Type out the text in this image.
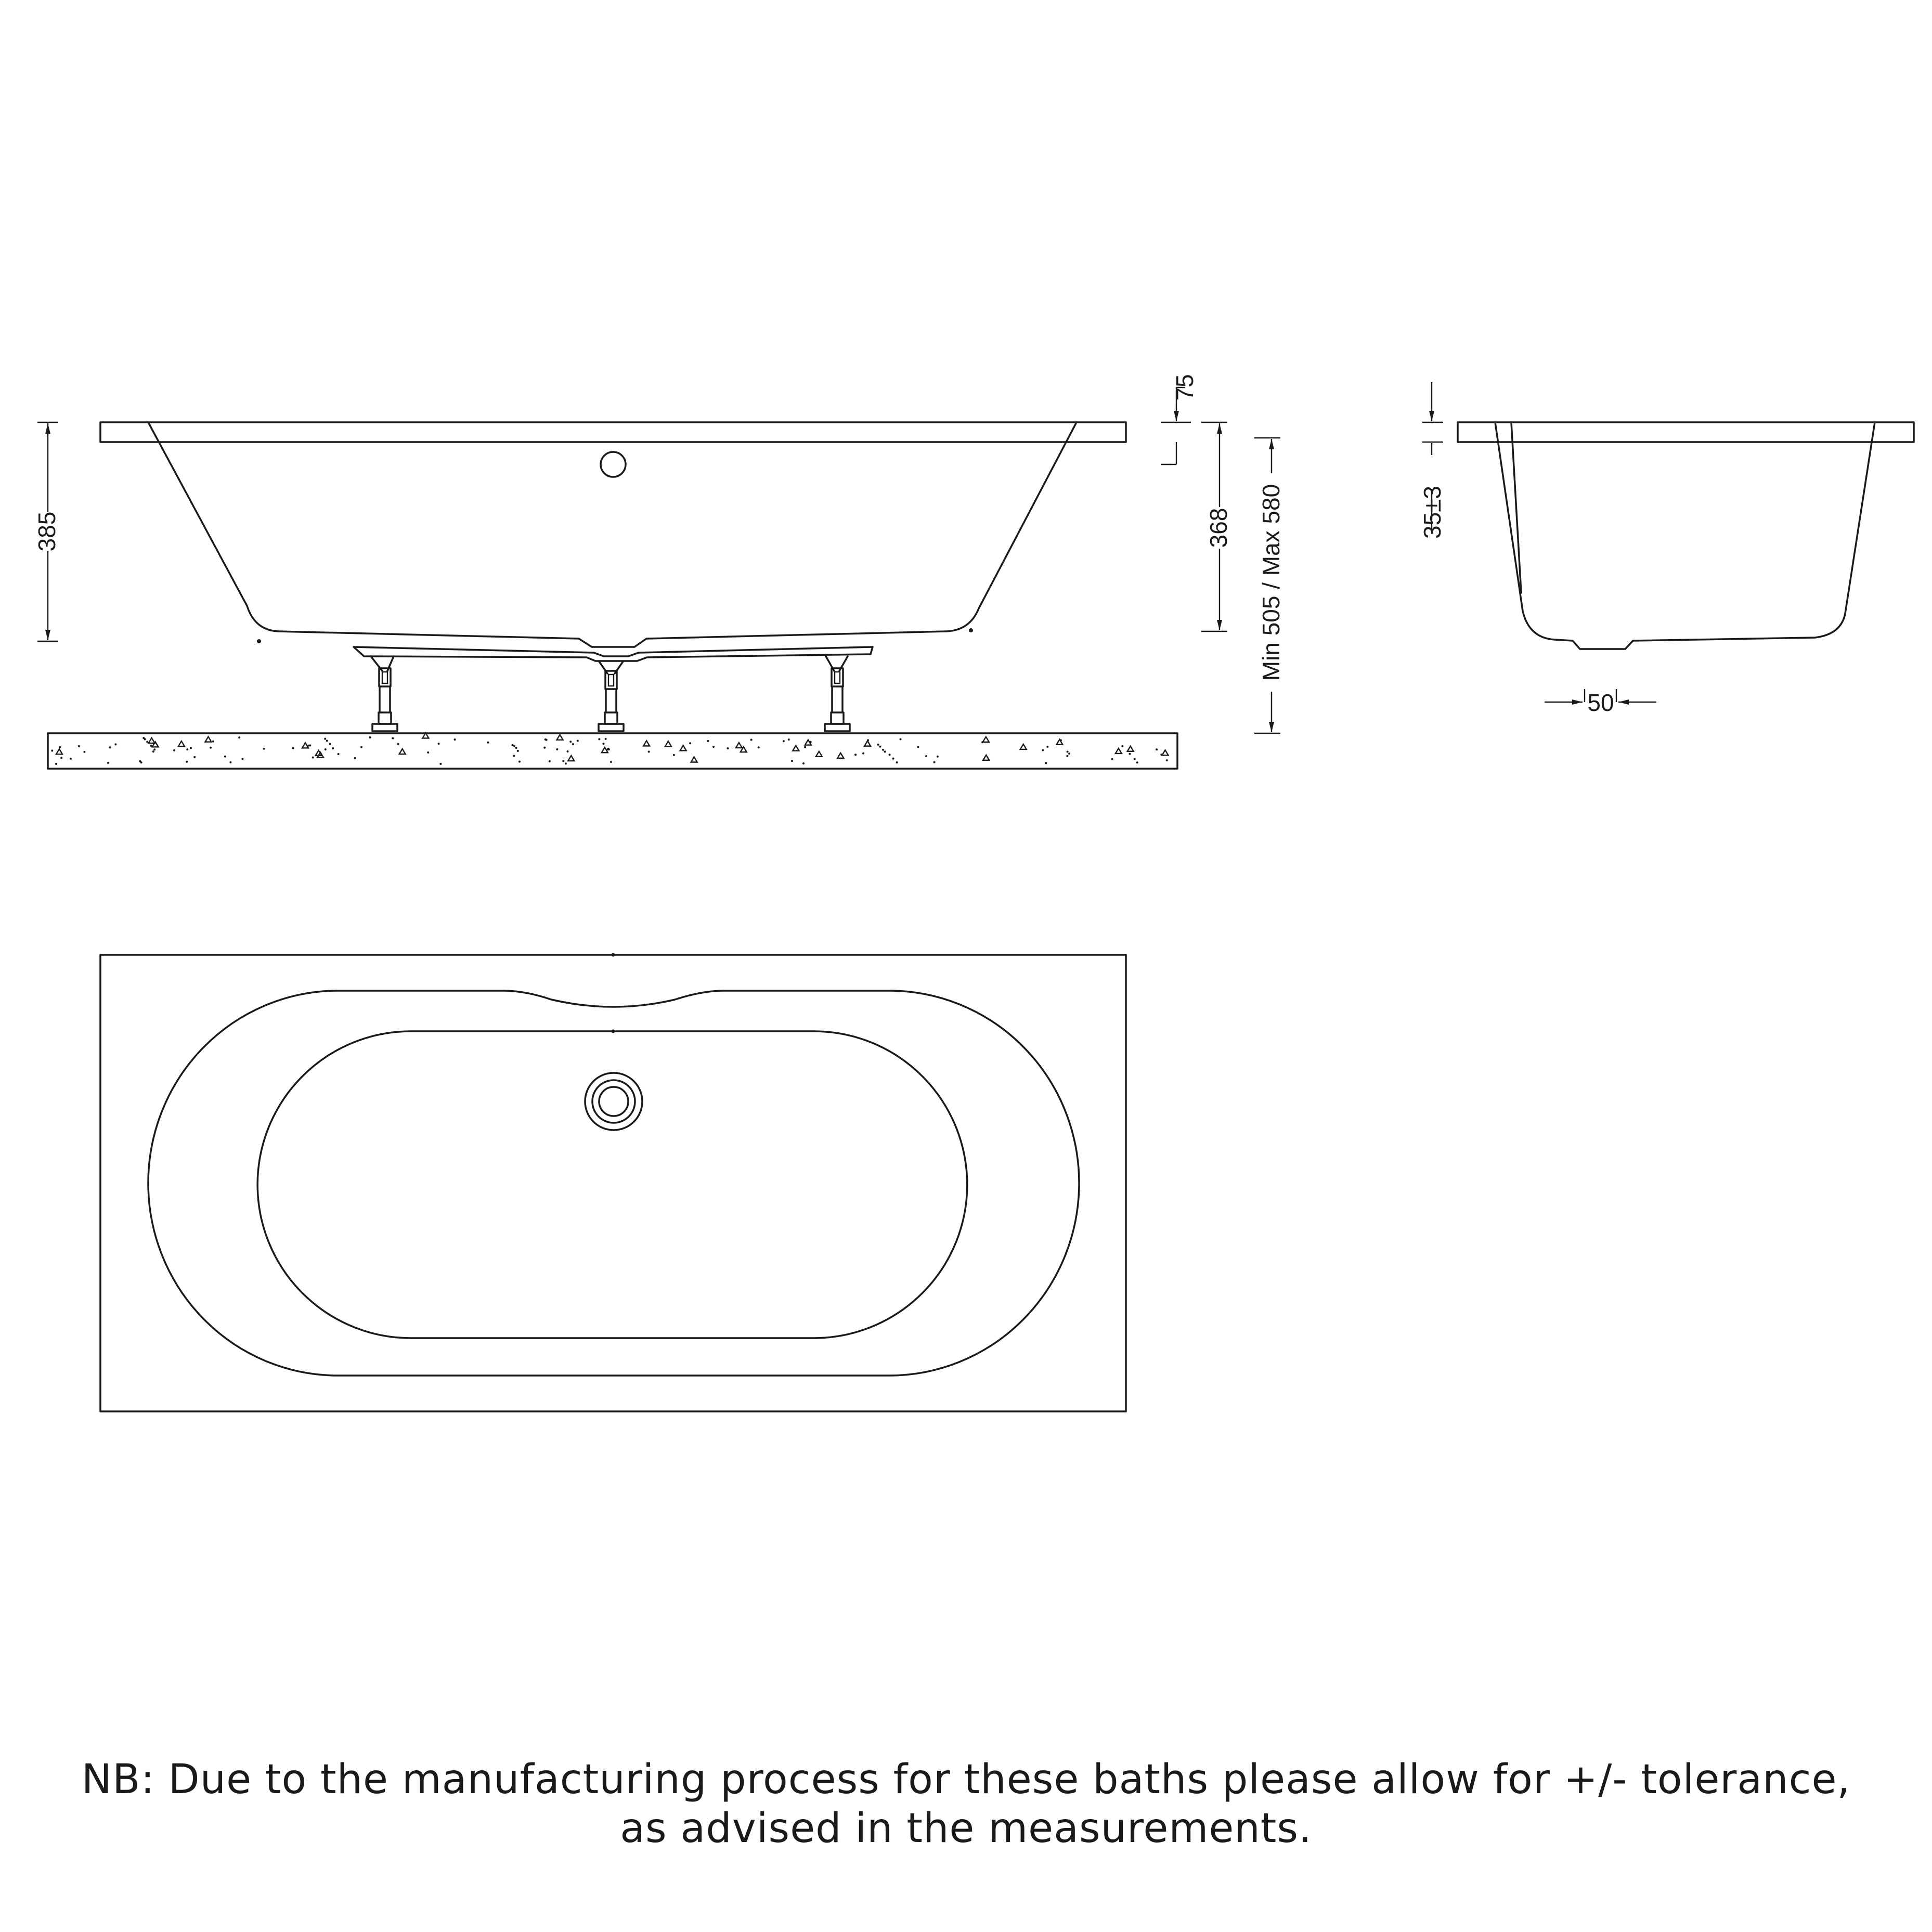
385
75
368 Min 505 / Max 580	35±3
50
NB: Due to the manufacturing process for these baths please allow for +/- tolerance,
as advised in the measurements.
